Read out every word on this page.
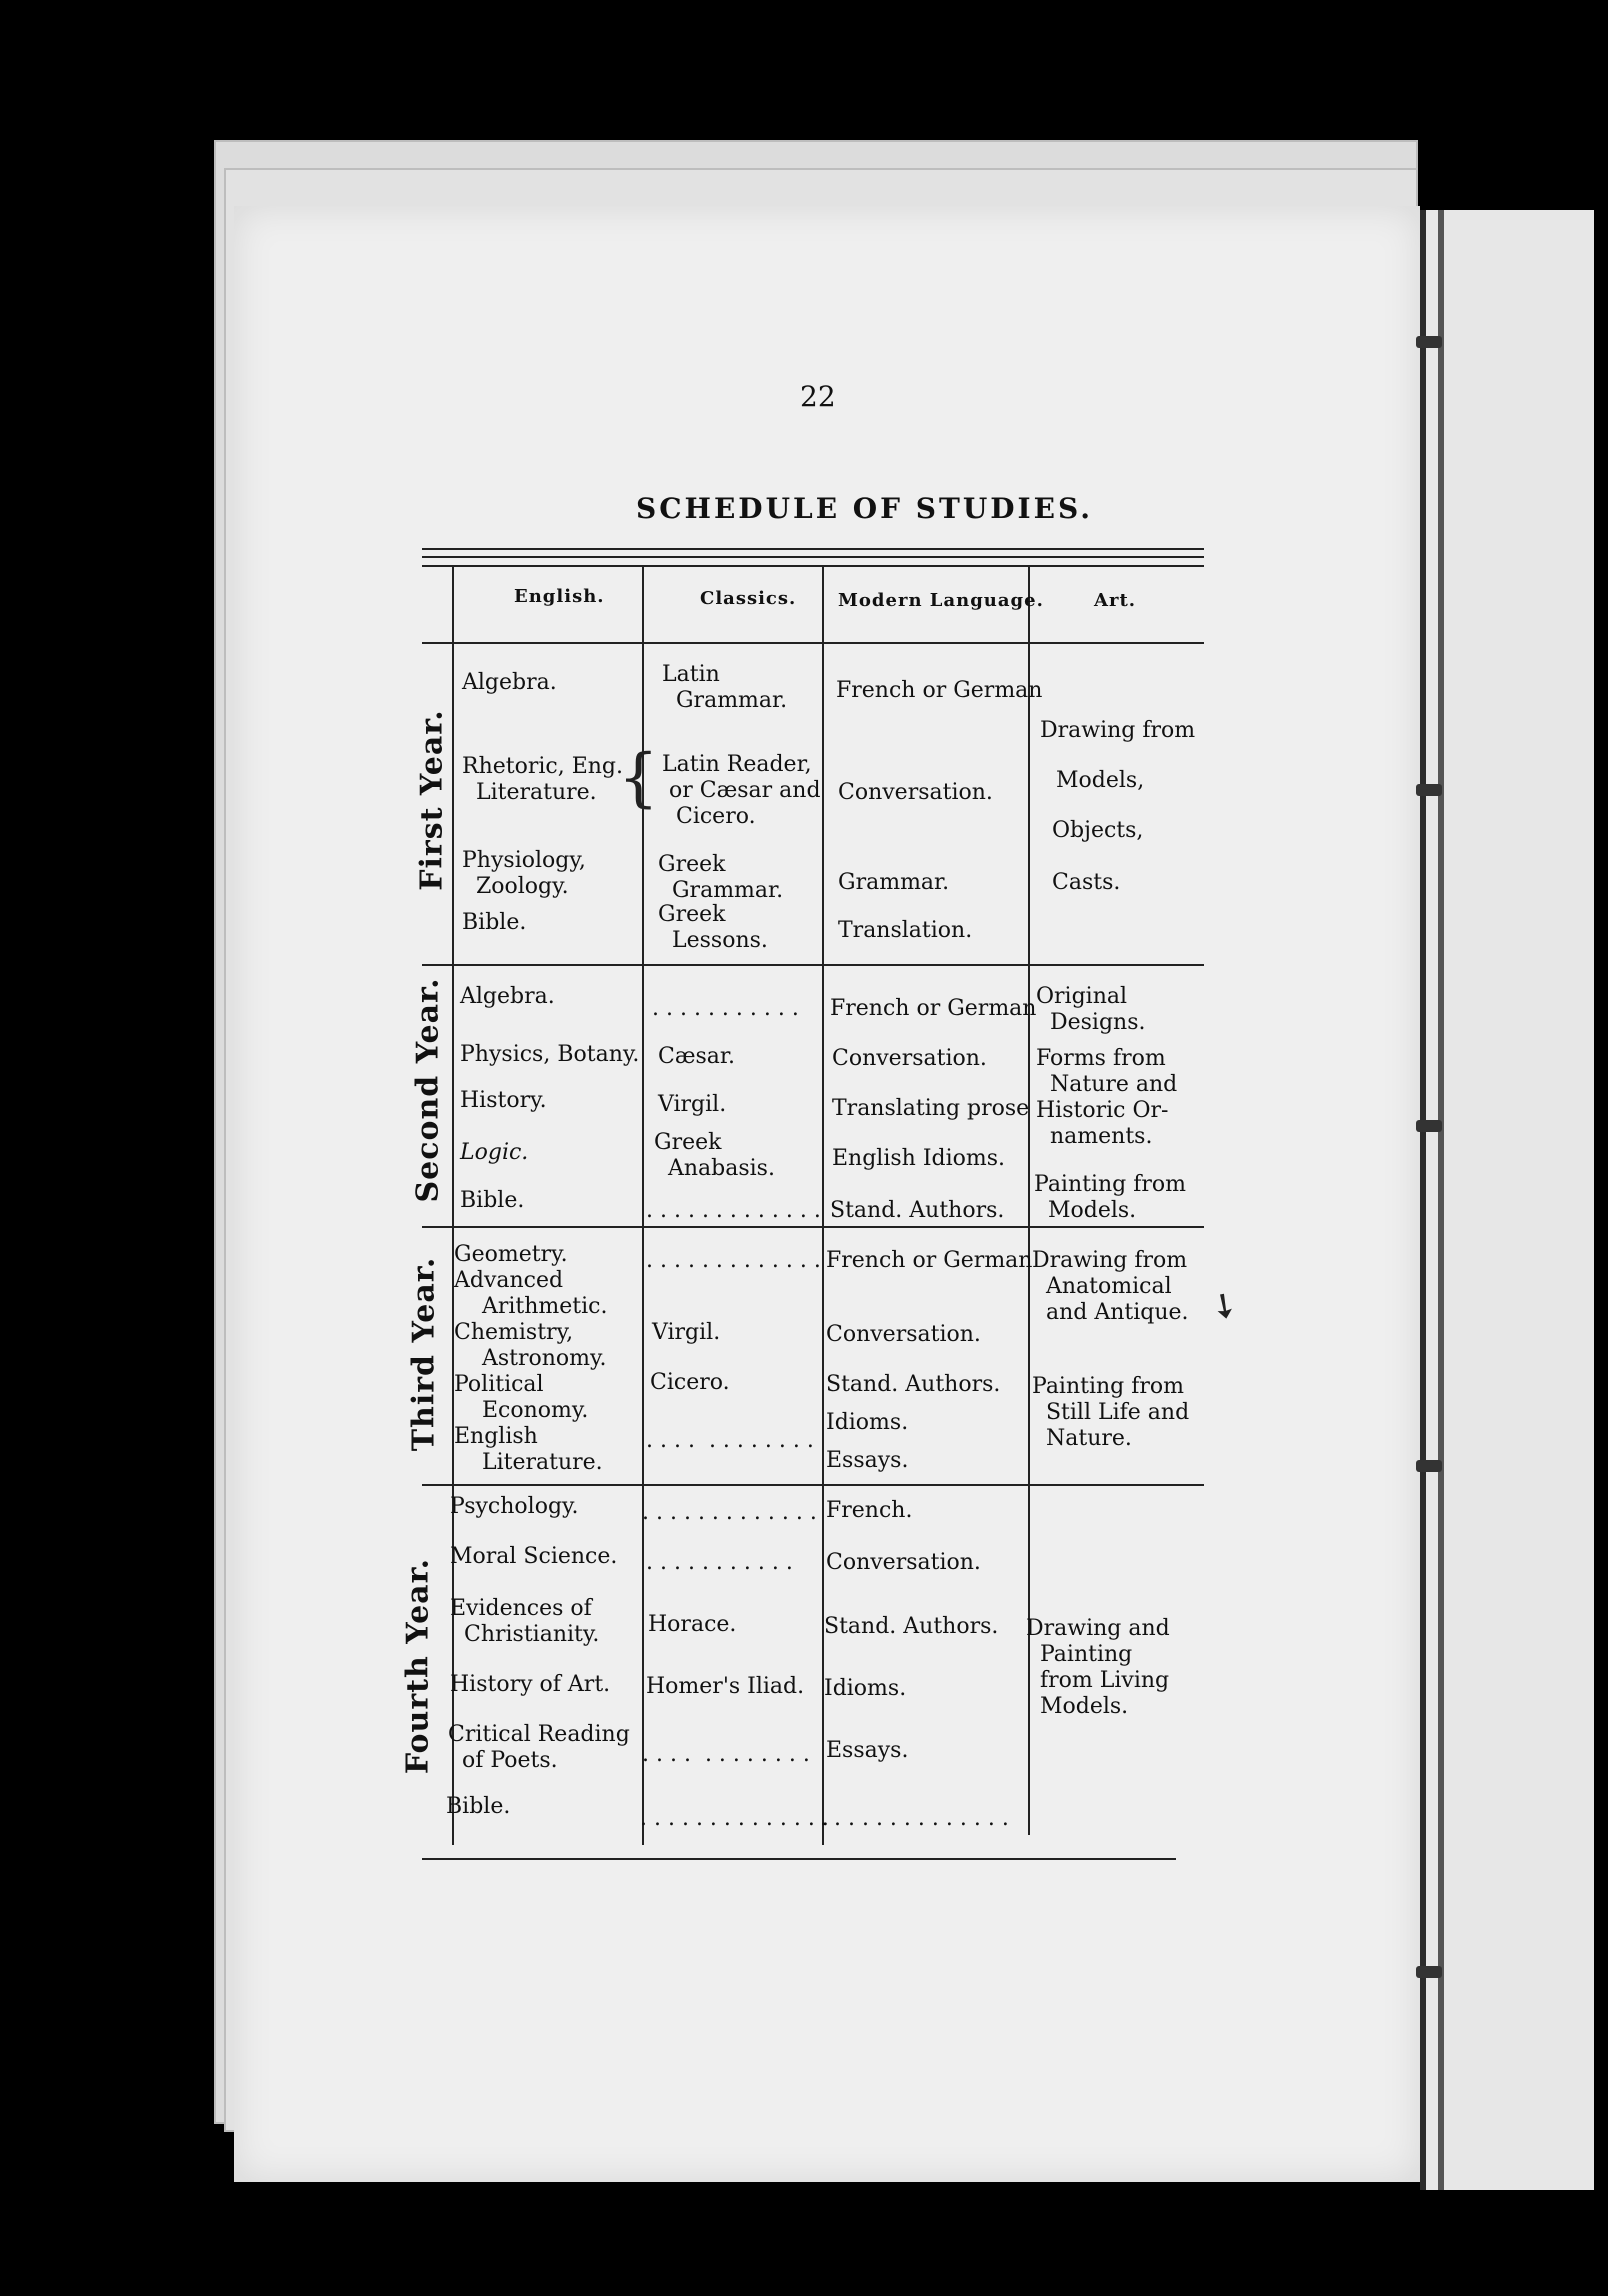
22
SCHEDULE OF STUDIES.
English.	Classics. Modern Language.	Art.
First Year.
Second Year.
Third Year.
Fourth Year.
Algebra.
Rhetoric, Eng.
Literature. {
Physiology,
Zoology.
Bible.
Latin
Grammar.
Latin Reader,
or Cæsar and
Cicero.
Greek
Grammar.
Greek
Lessons.
French or German
Conversation.
Grammar.
Translation.
Drawing from
Models,
Objects,
Casts.
Algebra.
Physics, Botany.
History.
Logic.
Bible.
. . . . . . . . . . .
Cæsar.
Virgil.
Greek
Anabasis.
. . . . . . . . . . . . .
French or German
Conversation.
Translating prose
English Idioms.
Stand. Authors.
Original
Designs.
Forms from
Nature and
Historic Or-
naments.
Painting from
Models.
Geometry.
Advanced
Arithmetic.
Chemistry,
Astronomy.
Political
Economy.
English
Literature.
. . . . . . . . . . . . .
Virgil.
Cicero.
. . . .  . . . . . . . .
French or German
Conversation.
Stand. Authors.
Idioms.
Essays.
Drawing from
Anatomical
and Antique.
Painting from
Still Life and
Nature.
➘
Psychology.
Moral Science.
Evidences of
Christianity.
History of Art.
Critical Reading
of Poets.
Bible.
. . . . . . . . . . . . .
. . . . . . . . . . .
Horace.
Homer's Iliad.
. . . .  . . . . . . . .
. . . . . . . . . . . . . .
French.
Conversation.
Stand. Authors.
Idioms.
Essays.
. . . . . . . . . . . . . .
Drawing and
Painting
from Living
Models.
